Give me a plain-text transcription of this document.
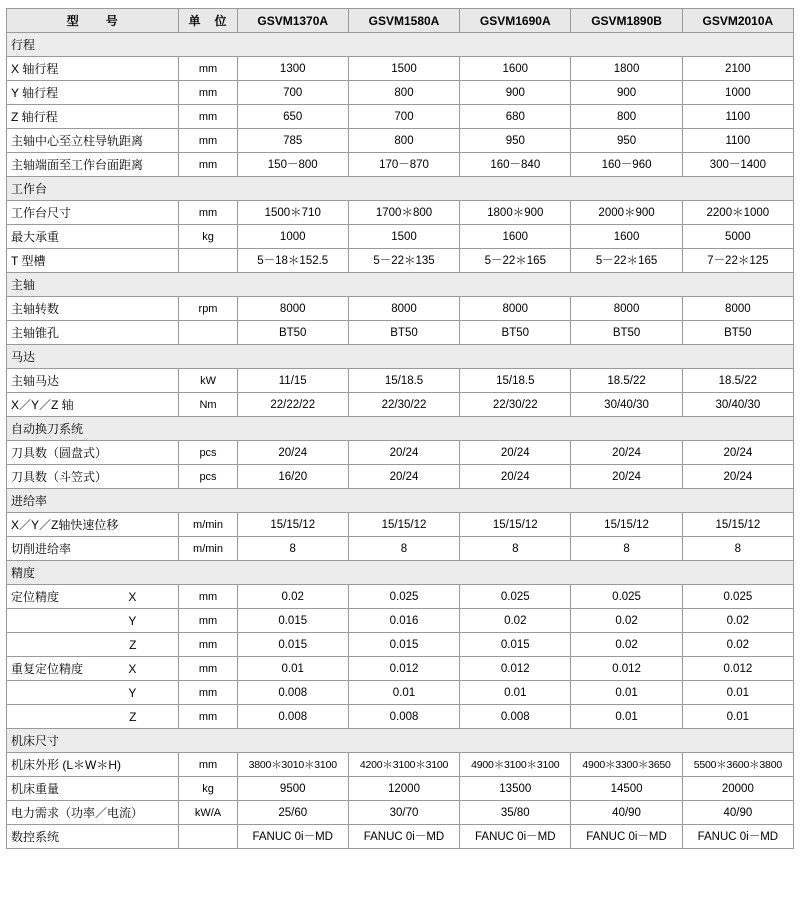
型　　号	单　位	GSVM1370A	GSVM1580A	GSVM1690A	GSVM1890B	GSVM2010A
行程						
X 轴行程	mm	1300	1500	1600	1800	2100
Y 轴行程	mm	700	800	900	900	1000
Z 轴行程	mm	650	700	680	800	1100
主轴中心至立柱导轨距离	mm	785	800	950	950	1100
主轴端面至工作台面距离	mm	150－800	170－870	160－840	160－960	300－1400
工作台						
工作台尺寸	mm	1500＊710	1700＊800	1800＊900	2000＊900	2200＊1000
最大承重	kg	1000	1500	1600	1600	5000
T 型槽		5－18＊152.5	5－22＊135	5－22＊165	5－22＊165	7－22＊125
主轴						
主轴转数	rpm	8000	8000	8000	8000	8000
主轴锥孔		BT50	BT50	BT50	BT50	BT50
马达						
主轴马达	kW	11/15	15/18.5	15/18.5	18.5/22	18.5/22
X／Y／Z 轴	Nm	22/22/22	22/30/22	22/30/22	30/40/30	30/40/30
自动换刀系统						
刀具数（圆盘式）	pcs	20/24	20/24	20/24	20/24	20/24
刀具数（斗笠式）	pcs	16/20	20/24	20/24	20/24	20/24
进给率						
X／Y／Z轴快速位移	m/min	15/15/12	15/15/12	15/15/12	15/15/12	15/15/12
切削进给率	m/min	8	8	8	8	8
精度						

定位精度 X	mm	0.02	0.025	0.025	0.025	0.025

Y	mm	0.015	0.016	0.02	0.02	0.02

Z	mm	0.015	0.015	0.015	0.02	0.02

重复定位精度 X	mm	0.01	0.012	0.012	0.012	0.012

Y	mm	0.008	0.01	0.01	0.01	0.01

Z	mm	0.008	0.008	0.008	0.01	0.01
机床尺寸						
机床外形 (L＊W＊H)	mm	3800＊3010＊3100	4200＊3100＊3100	4900＊3100＊3100	4900＊3300＊3650	5500＊3600＊3800
机床重量	kg	9500	12000	13500	14500	20000
电力需求（功率／电流）	kW/A	25/60	30/70	35/80	40/90	40/90
数控系统		FANUC 0i－MD	FANUC 0i－MD	FANUC 0i－MD	FANUC 0i－MD	FANUC 0i－MD
